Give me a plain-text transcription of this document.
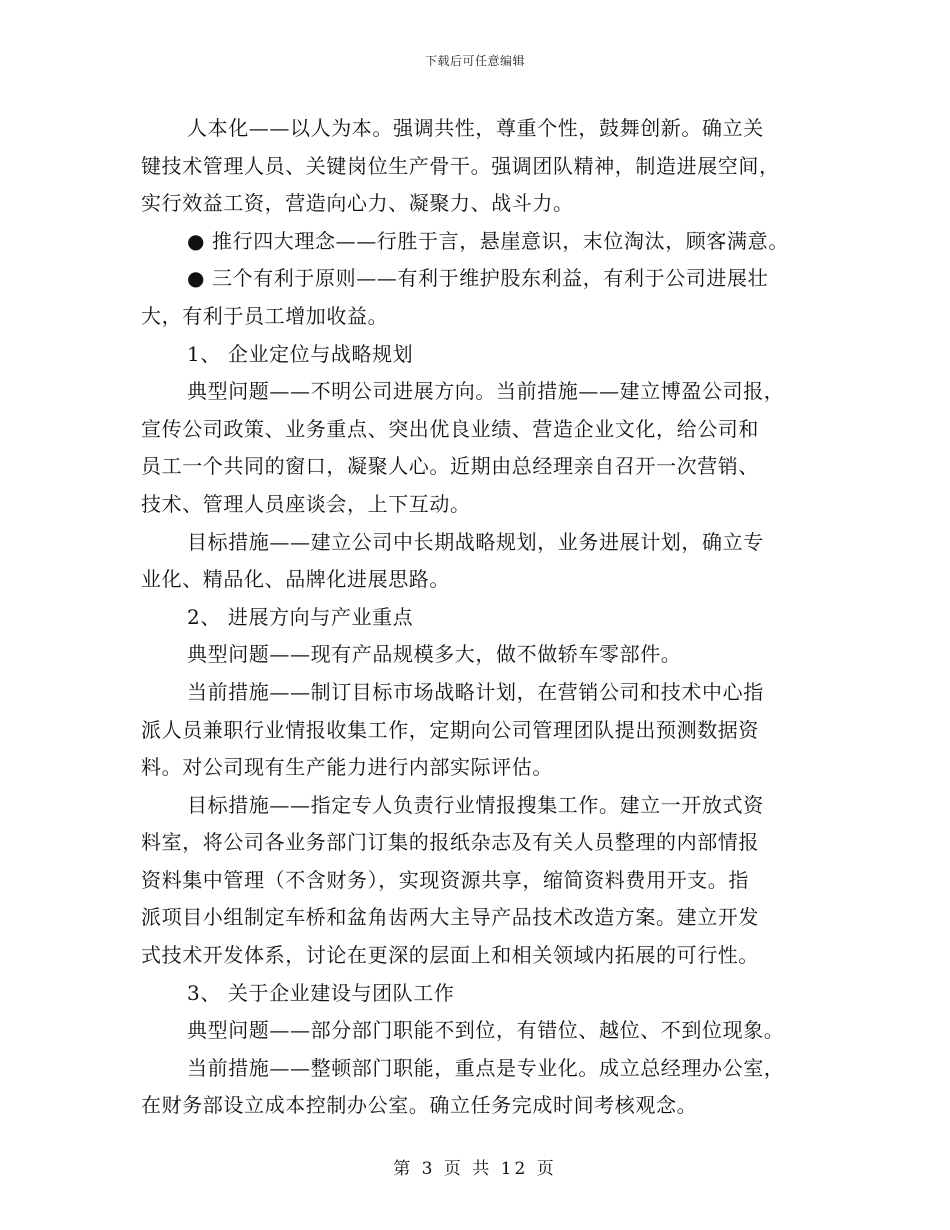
下载后可任意编辑

人本化——以人为本。强调共性，尊重个性，鼓舞创新。确立关

键技术管理人员、关键岗位生产骨干。强调团队精神，制造进展空间，

实行效益工资，营造向心力、凝聚力、战斗力。

● 推行四大理念——行胜于言，悬崖意识，末位淘汰，顾客满意。

● 三个有利于原则——有利于维护股东利益，有利于公司进展壮

大，有利于员工增加收益。

1、 企业定位与战略规划

典型问题——不明公司进展方向。当前措施——建立博盈公司报，

宣传公司政策、业务重点、突出优良业绩、营造企业文化，给公司和

员工一个共同的窗口，凝聚人心。近期由总经理亲自召开一次营销、

技术、管理人员座谈会，上下互动。

目标措施——建立公司中长期战略规划，业务进展计划，确立专

业化、精品化、品牌化进展思路。

2、 进展方向与产业重点

典型问题——现有产品规模多大，做不做轿车零部件。

当前措施——制订目标市场战略计划，在营销公司和技术中心指

派人员兼职行业情报收集工作，定期向公司管理团队提出预测数据资

料。对公司现有生产能力进行内部实际评估。

目标措施——指定专人负责行业情报搜集工作。建立一开放式资

料室，将公司各业务部门订集的报纸杂志及有关人员整理的内部情报

资料集中管理（不含财务），实现资源共享，缩简资料费用开支。指

派项目小组制定车桥和盆角齿两大主导产品技术改造方案。建立开发

式技术开发体系，讨论在更深的层面上和相关领域内拓展的可行性。

3、 关于企业建设与团队工作

典型问题——部分部门职能不到位，有错位、越位、不到位现象。

当前措施——整顿部门职能，重点是专业化。成立总经理办公室，

在财务部设立成本控制办公室。确立任务完成时间考核观念。

第 3 页 共 12 页
